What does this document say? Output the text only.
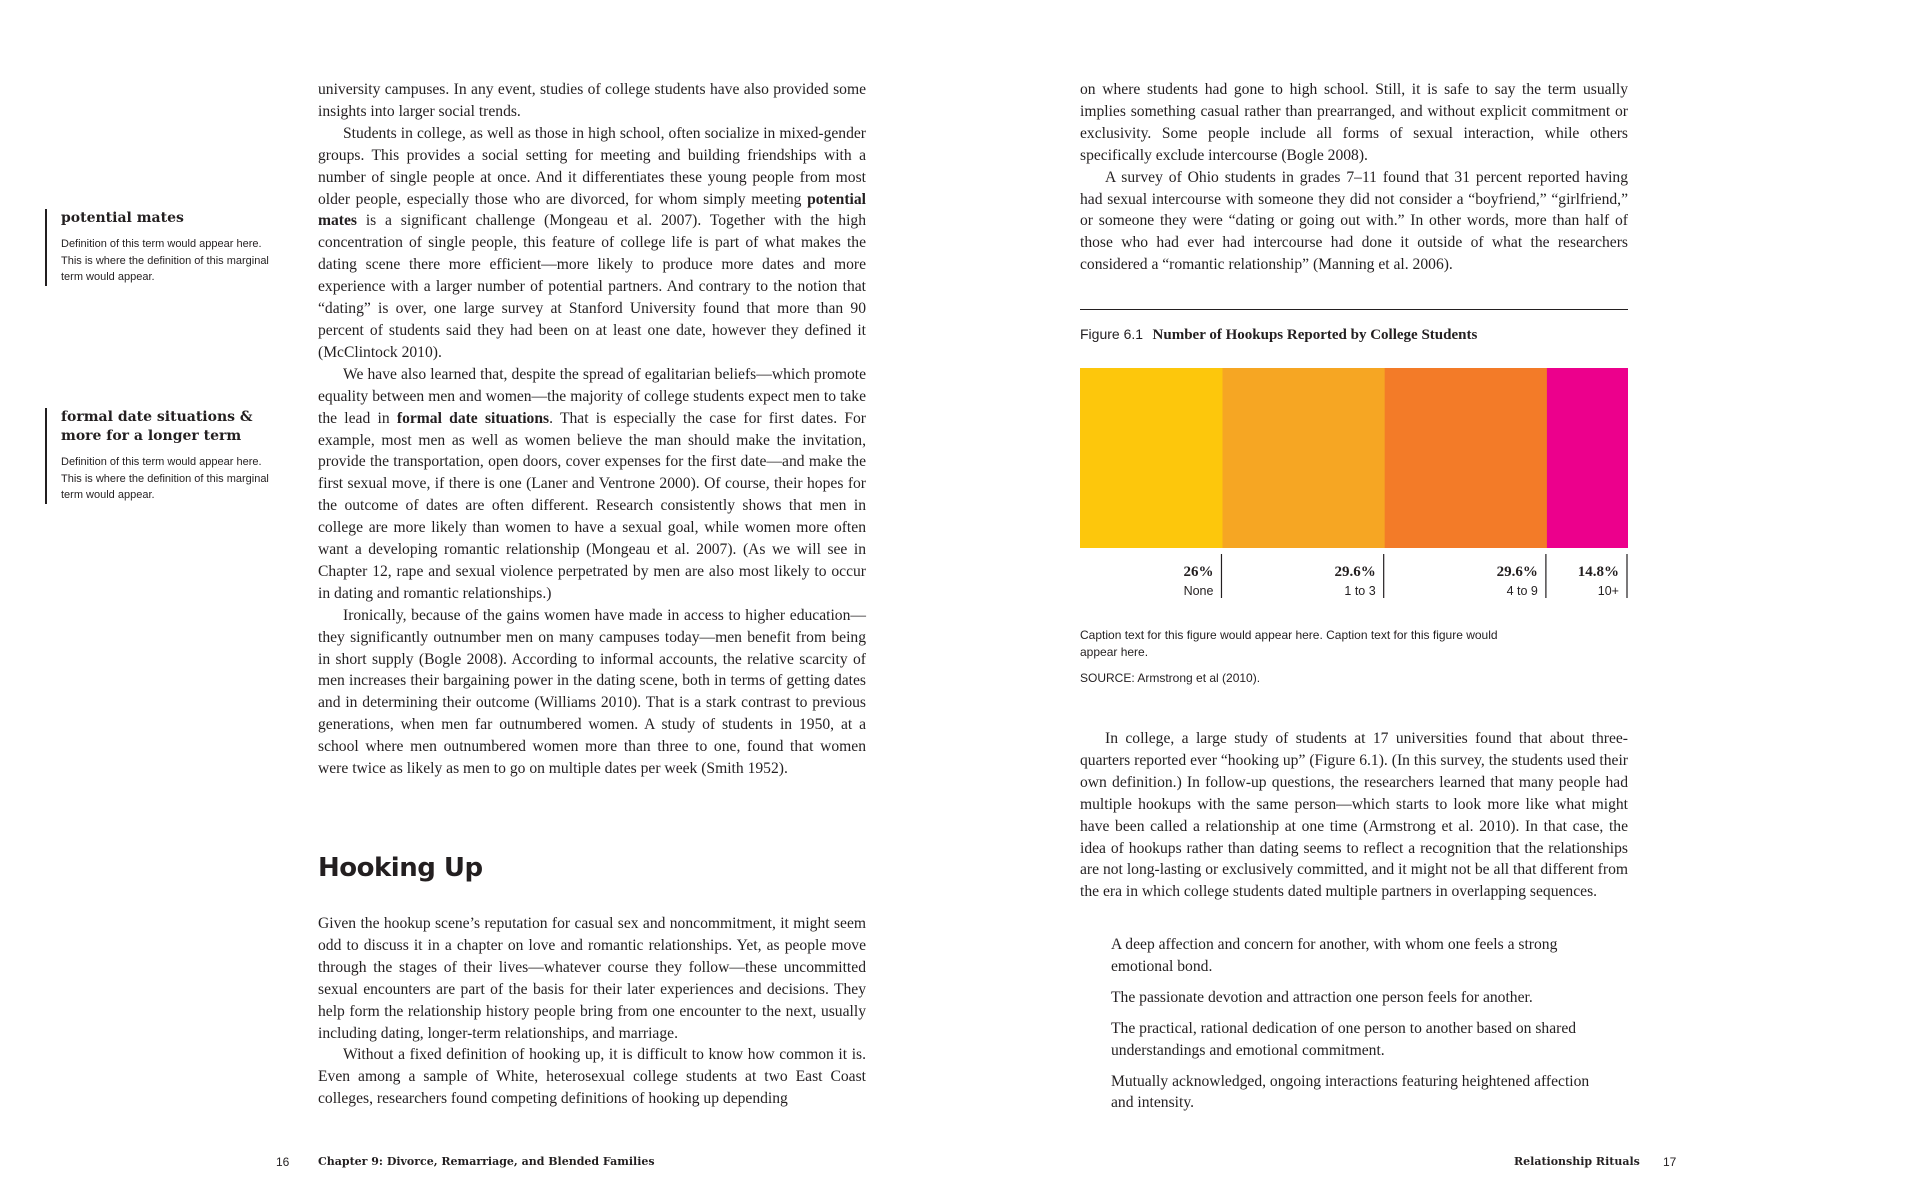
potential mates
Definition of this term would appear here. This is where the definition of this marginal term would appear.
formal date situations & more for a longer term
Definition of this term would appear here. This is where the definition of this marginal term would appear.

university campuses. In any event, studies of college students have also provided some insights into larger social trends.

Students in college, as well as those in high school, often socialize in mixed-gender groups. This provides a social setting for meeting and building friendships with a number of single people at once. And it differentiates these young people from most older people, especially those who are divorced, for whom simply meeting potential mates is a significant challenge (Mongeau et al. 2007). Together with the high concentration of single people, this feature of college life is part of what makes the dating scene there more efficient—more likely to produce more dates and more experience with a larger number of potential partners. And contrary to the notion that “dating” is over, one large survey at Stanford University found that more than 90 percent of students said they had been on at least one date, however they defined it (McClintock 2010).

We have also learned that, despite the spread of egalitarian beliefs—which promote equality between men and women—the majority of college students expect men to take the lead in formal date situations. That is especially the case for first dates. For example, most men as well as women believe the man should make the invitation, provide the transportation, open doors, cover expenses for the first date—and make the first sexual move, if there is one (Laner and Ventrone 2000). Of course, their hopes for the outcome of dates are often different. Research consistently shows that men in college are more likely than women to have a sexual goal, while women more often want a developing romantic relationship (Mongeau et al. 2007). (As we will see in Chapter 12, rape and sexual violence perpetrated by men are also most likely to occur in dating and romantic relationships.)

Ironically, because of the gains women have made in access to higher education—they significantly outnumber men on many campuses today—men benefit from being in short supply (Bogle 2008). According to informal accounts, the relative scarcity of men increases their bargaining power in the dating scene, both in terms of getting dates and in determining their outcome (Williams 2010). That is a stark contrast to previous generations, when men far outnumbered women. A study of students in 1950, at a school where men outnumbered women more than three to one, found that women were twice as likely as men to go on multiple dates per week (Smith 1952).

Hooking Up

Given the hookup scene’s reputation for casual sex and noncommitment, it might seem odd to discuss it in a chapter on love and romantic relationships. Yet, as people move through the stages of their lives—whatever course they follow—these uncommitted sexual encounters are part of the basis for their later experiences and decisions. They help form the relationship history people bring from one encounter to the next, usually including dating, longer-term relationships, and marriage.

Without a fixed definition of hooking up, it is difficult to know how common it is. Even among a sample of White, heterosexual college students at two East Coast colleges, researchers found competing definitions of hooking up depending

16	Chapter 9: Divorce, Remarriage, and Blended Families

on where students had gone to high school. Still, it is safe to say the term usually implies something casual rather than prearranged, and without explicit commitment or exclusivity. Some people include all forms of sexual interaction, while others specifically exclude intercourse (Bogle 2008).

A survey of Ohio students in grades 7–11 found that 31 percent reported having had sexual intercourse with someone they did not consider a “boyfriend,” “girlfriend,” or someone they were “dating or going out with.” In other words, more than half of those who had ever had intercourse had done it outside of what the researchers considered a “romantic relationship” (Manning et al. 2006).

Figure 6.1 Number of Hookups Reported by College Students
26%
None
29.6%
1 to 3
29.6%
4 to 9
14.8%
10+
Caption text for this figure would appear here. Caption text for this figure would appear here.
SOURCE: Armstrong et al (2010).

In college, a large study of students at 17 universities found that about three-quarters reported ever “hooking up” (Figure 6.1). (In this survey, the students used their own definition.) In follow-up questions, the researchers learned that many people had multiple hookups with the same person—which starts to look more like what might have been called a relationship at one time (Armstrong et al. 2010). In that case, the idea of hookups rather than dating seems to reflect a recognition that the relationships are not long-lasting or exclusively committed, and it might not be all that different from the era in which college students dated multiple partners in overlapping sequences.

A deep affection and concern for another, with whom one feels a strong emotional bond.

The passionate devotion and attraction one person feels for another.

The practical, rational dedication of one person to another based on shared understandings and emotional commitment.

Mutually acknowledged, ongoing interactions featuring heightened affection and intensity.

Relationship Rituals 17
